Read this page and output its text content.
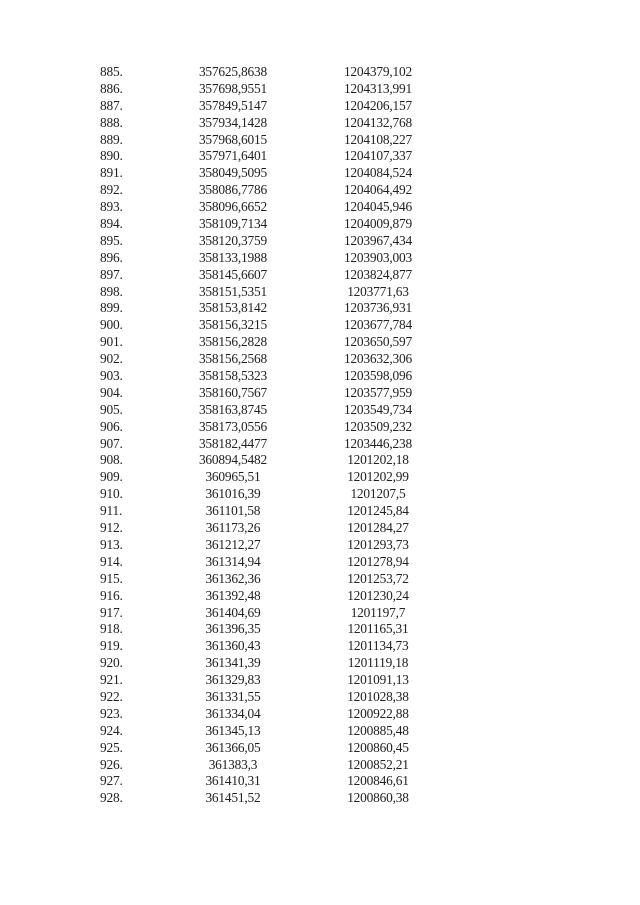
885.	357625,8638	1204379,102
886.	357698,9551	1204313,991
887.	357849,5147	1204206,157
888.	357934,1428	1204132,768
889.	357968,6015	1204108,227
890.	357971,6401	1204107,337
891.	358049,5095	1204084,524
892.	358086,7786	1204064,492
893.	358096,6652	1204045,946
894.	358109,7134	1204009,879
895.	358120,3759	1203967,434
896.	358133,1988	1203903,003
897.	358145,6607	1203824,877
898.	358151,5351	1203771,63
899.	358153,8142	1203736,931
900.	358156,3215	1203677,784
901.	358156,2828	1203650,597
902.	358156,2568	1203632,306
903.	358158,5323	1203598,096
904.	358160,7567	1203577,959
905.	358163,8745	1203549,734
906.	358173,0556	1203509,232
907.	358182,4477	1203446,238
908.	360894,5482	1201202,18
909.	360965,51	1201202,99
910.	361016,39	1201207,5
911.	361101,58	1201245,84
912.	361173,26	1201284,27
913.	361212,27	1201293,73
914.	361314,94	1201278,94
915.	361362,36	1201253,72
916.	361392,48	1201230,24
917.	361404,69	1201197,7
918.	361396,35	1201165,31
919.	361360,43	1201134,73
920.	361341,39	1201119,18
921.	361329,83	1201091,13
922.	361331,55	1201028,38
923.	361334,04	1200922,88
924.	361345,13	1200885,48
925.	361366,05	1200860,45
926.	361383,3	1200852,21
927.	361410,31	1200846,61
928.	361451,52	1200860,38
